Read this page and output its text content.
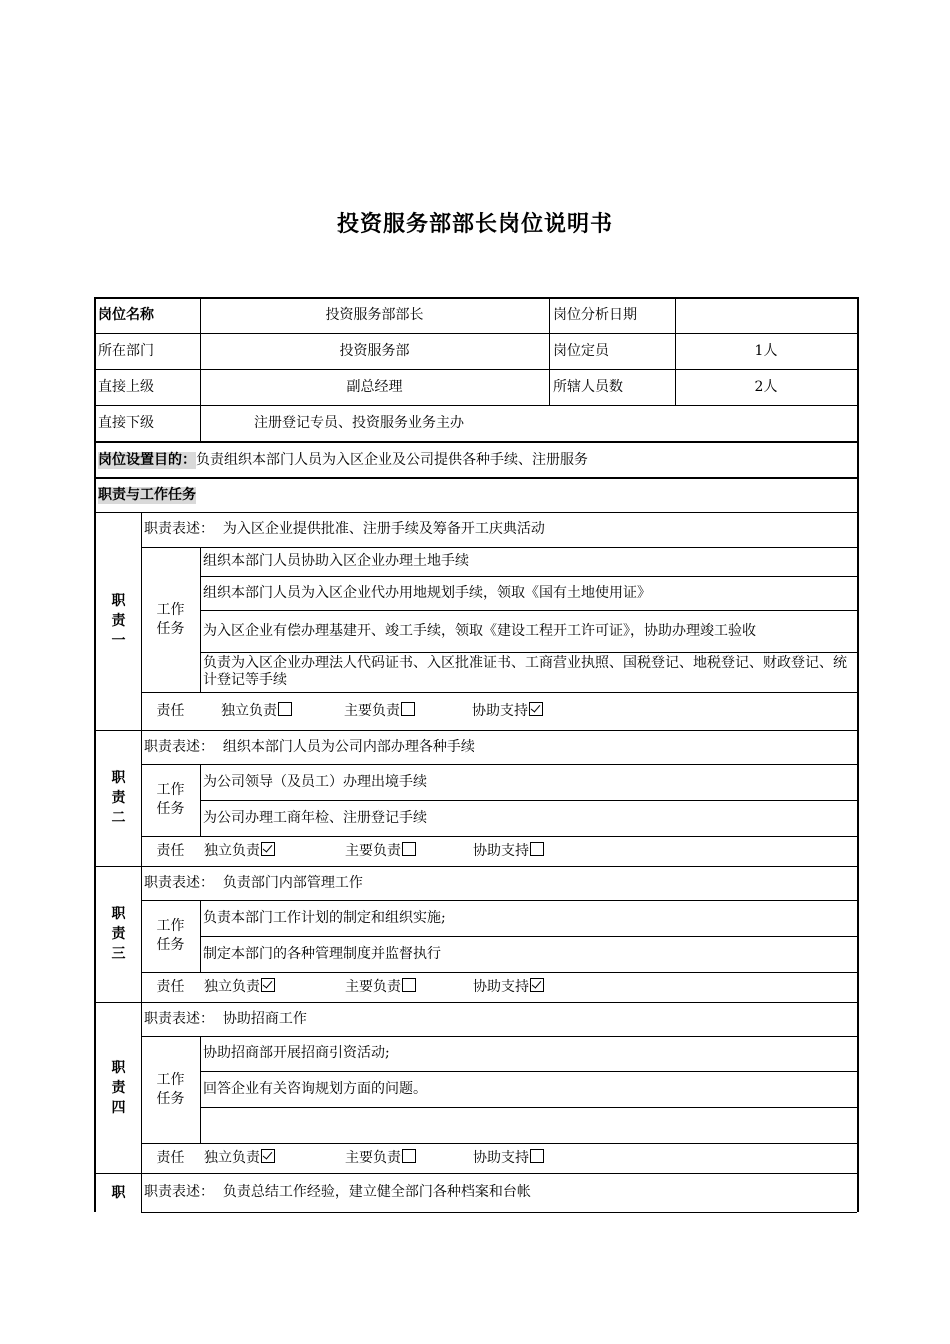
投资服务部部长岗位说明书
岗位名称	投资服务部部长	岗位分析日期
所在部门	投资服务部	岗位定员	1人
直接上级	副总经理	所辖人员数	2人
直接下级	注册登记专员、投资服务业务主办
岗位设置目的： 负责组织本部门人员为入区企业及公司提供各种手续、注册服务
职责与工作任务
职
责
一
职责表述： 为入区企业提供批准、注册手续及筹备开工庆典活动
工作
任务
组织本部门人员协助入区企业办理土地手续
组织本部门人员为入区企业代办用地规划手续，领取《国有土地使用证》
为入区企业有偿办理基建开、竣工手续，领取《建设工程开工许可证》，协助办理竣工验收
负责为入区企业办理法人代码证书、入区批准证书、工商营业执照、国税登记、地税登记、财政登记、统计登记等手续
责任	独立负责	主要负责	协助支持
职
责
二
职责表述： 组织本部门人员为公司内部办理各种手续
工作
任务
为公司领导（及员工）办理出境手续
为公司办理工商年检、注册登记手续
责任	独立负责	主要负责	协助支持
职
责
三
职责表述： 负责部门内部管理工作
工作
任务
负责本部门工作计划的制定和组织实施;
制定本部门的各种管理制度并监督执行
责任	独立负责	主要负责	协助支持
职
责
四
职责表述： 协助招商工作
工作
任务
协助招商部开展招商引资活动;
回答企业有关咨询规划方面的问题。
责任	独立负责	主要负责	协助支持
职 职责表述： 负责总结工作经验，建立健全部门各种档案和台帐
